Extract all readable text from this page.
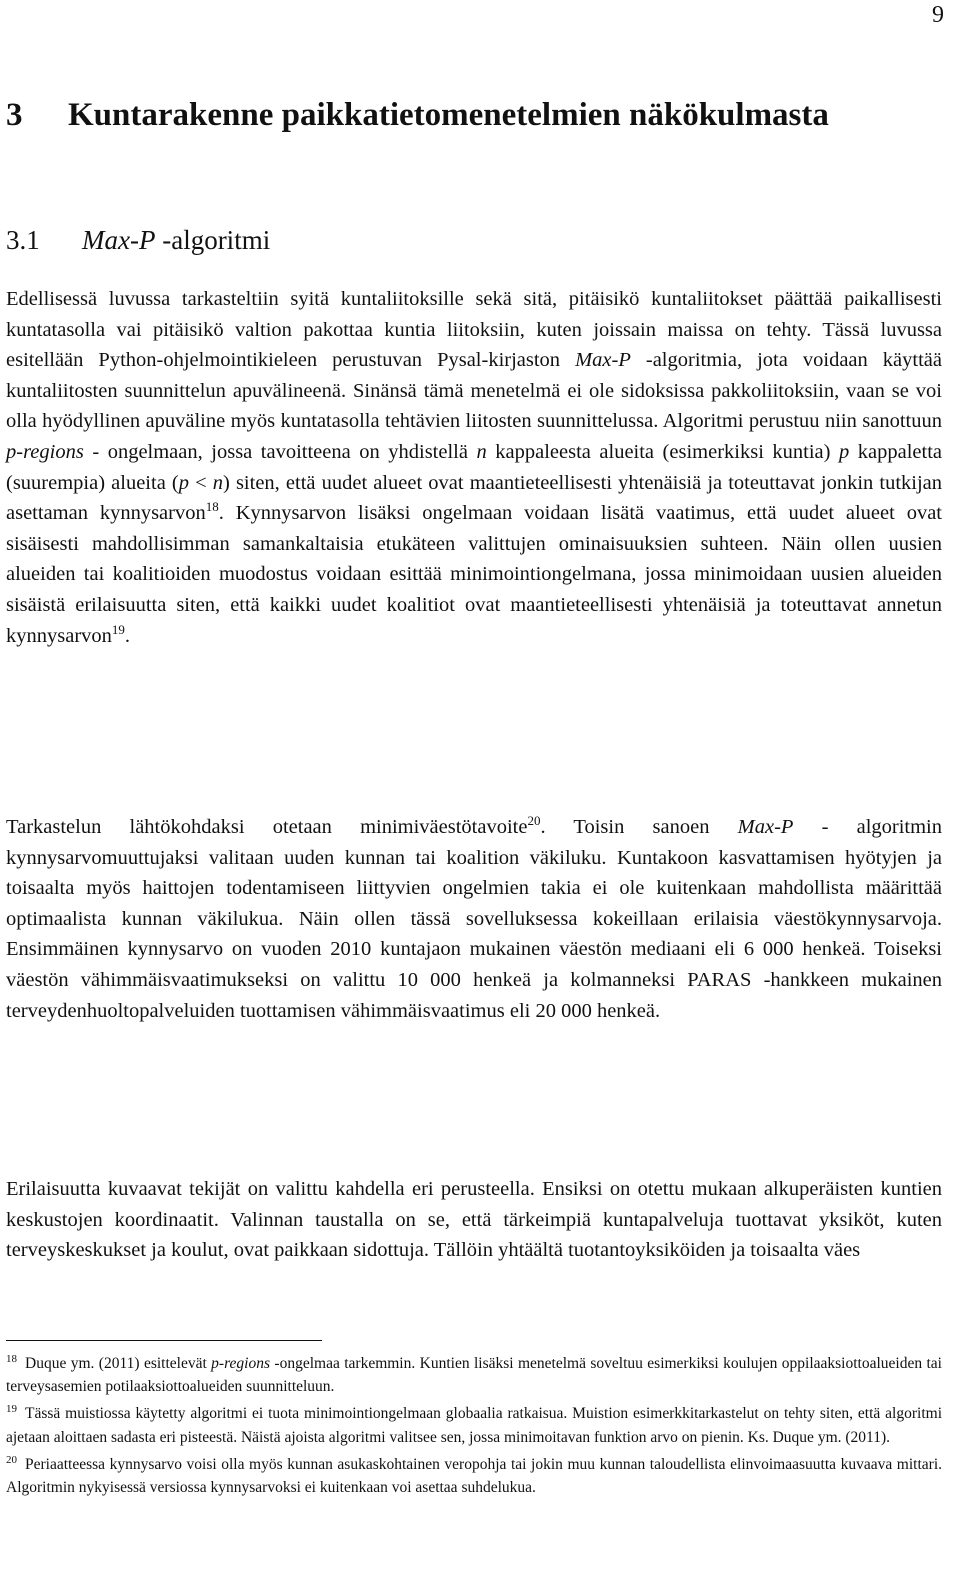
9
3 Kuntarakenne paikkatietomenetelmien näkökulmasta
3.1 Max-P -algoritmi
Edellisessä luvussa tarkasteltiin syitä kuntaliitoksille sekä sitä, pitäisikö kuntaliitokset päättää paikallisesti kuntatasolla vai pitäisikö valtion pakottaa kuntia liitoksiin, kuten joissain maissa on tehty. Tässä luvussa esitellään Python-ohjelmointikieleen perustuvan Pysal-kirjaston Max-P -algoritmia, jota voidaan käyttää kuntaliitosten suunnittelun apuvälineenä. Sinänsä tämä menetelmä ei ole sidoksissa pakkoliitoksiin, vaan se voi olla hyödyllinen apuväline myös kuntatasolla tehtävien liitosten suunnittelussa. Algoritmi perustuu niin sanottuun p-regions - ongelmaan, jossa tavoitteena on yhdistellä n kappaleesta alueita (esimerkiksi kuntia) p kappaletta (suurempia) alueita (p < n) siten, että uudet alueet ovat maantieteellisesti yhtenäisiä ja toteuttavat jonkin tutkijan asettaman kynnysarvon$^{18}$. Kynnysarvon lisäksi ongelmaan voidaan lisätä vaatimus, että uudet alueet ovat sisäisesti mahdollisimman samankaltaisia etukäteen valittujen ominaisuuksien suhteen. Näin ollen uusien alueiden tai koalitioiden muodostus voidaan esittää minimointiongelmana, jossa minimoidaan uusien alueiden sisäistä erilaisuutta siten, että kaikki uudet koalitiot ovat maantieteellisesti yhtenäisiä ja toteuttavat annetun kynnysarvon$^{19}$.
Tarkastelun lähtökohdaksi otetaan minimiväestötavoite$^{20}$. Toisin sanoen Max-P - algoritmin kynnysarvomuuttujaksi valitaan uuden kunnan tai koalition väkiluku. Kuntakoon kasvattamisen hyötyjen ja toisaalta myös haittojen todentamiseen liittyvien ongelmien takia ei ole kuitenkaan mahdollista määrittää optimaalista kunnan väkilukua. Näin ollen tässä sovelluksessa kokeillaan erilaisia väestökynnysarvoja. Ensimmäinen kynnysarvo on vuoden 2010 kuntajaon mukainen väestön mediaani eli 6 000 henkeä. Toiseksi väestön vähimmäisvaatimukseksi on valittu 10 000 henkeä ja kolmanneksi PARAS -hankkeen mukainen terveydenhuoltopalveluiden tuottamisen vähimmäisvaatimus eli 20 000 henkeä.
Erilaisuutta kuvaavat tekijät on valittu kahdella eri perusteella. Ensiksi on otettu mukaan alkuperäisten kuntien keskustojen koordinaatit. Valinnan taustalla on se, että tärkeimpiä kuntapalveluja tuottavat yksiköt, kuten terveyskeskukset ja koulut, ovat paikkaan sidottuja. Tällöin yhtäältä tuotantoyksiköiden ja toisaalta väes
$^{18}$ Duque ym. (2011) esittelevät p-regions -ongelmaa tarkemmin. Kuntien lisäksi menetelmä soveltuu esimerkiksi koulujen oppilaaksiottoalueiden tai terveysasemien potilaaksiottoalueiden suunnitteluun.
$^{19}$ Tässä muistiossa käytetty algoritmi ei tuota minimointiongelmaan globaalia ratkaisua. Muistion esimerkkitarkastelut on tehty siten, että algoritmi ajetaan aloittaen sadasta eri pisteestä. Näistä ajoista algoritmi valitsee sen, jossa minimoitavan funktion arvo on pienin. Ks. Duque ym. (2011).
$^{20}$ Periaatteessa kynnysarvo voisi olla myös kunnan asukaskohtainen veropohja tai jokin muu kunnan taloudellista elinvoimaasuutta kuvaava mittari. Algoritmin nykyisessä versiossa kynnysarvoksi ei kuitenkaan voi asettaa suhdelukua.
